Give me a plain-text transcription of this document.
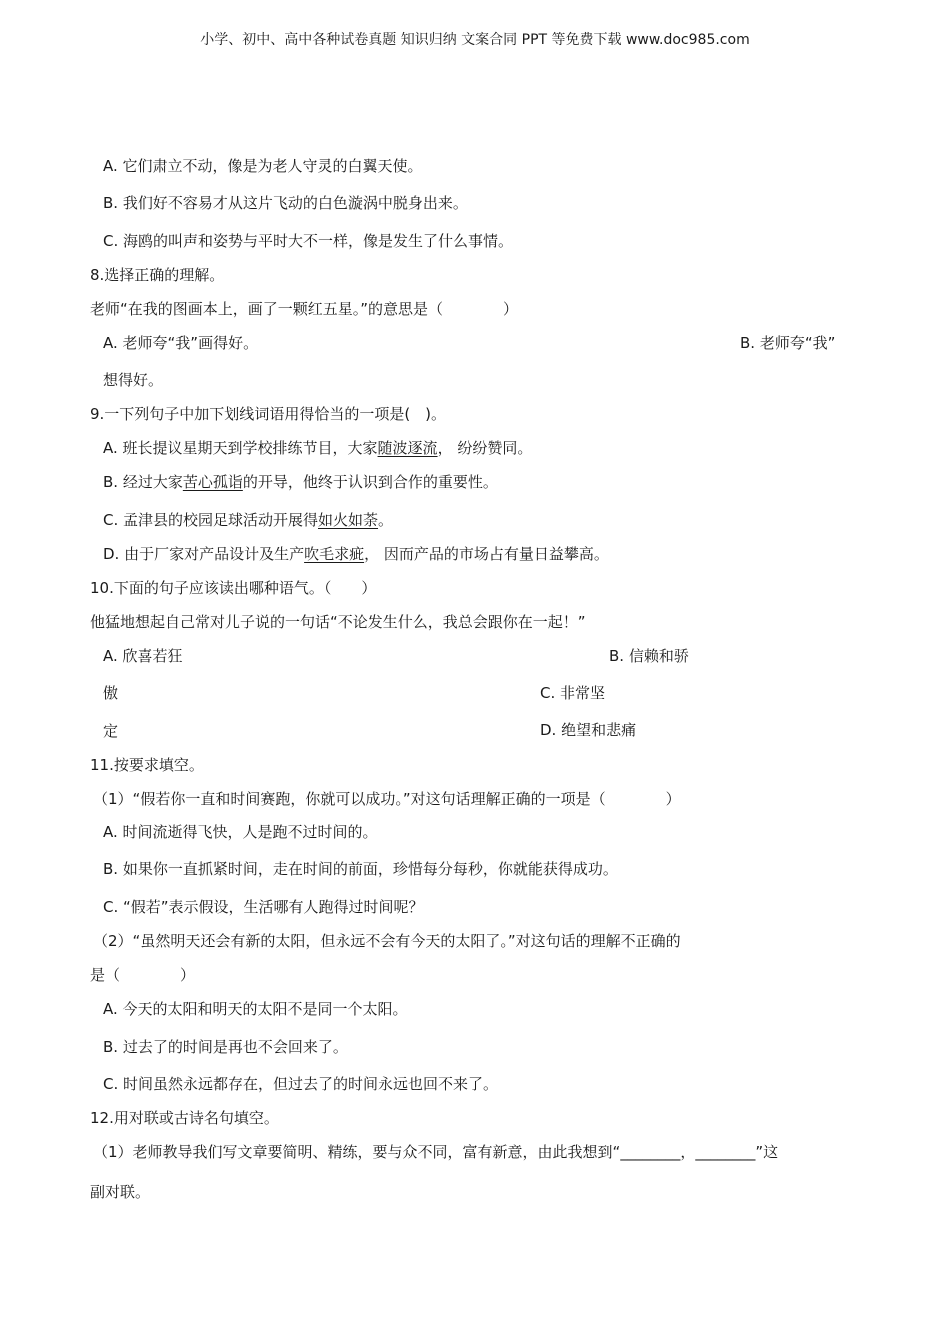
小学、初中、高中各种试卷真题 知识归纳 文案合同 PPT 等免费下载 www.doc985.com
A. 它们肃立不动，像是为老人守灵的白翼天使。
B. 我们好不容易才从这片飞动的白色漩涡中脱身出来。
C. 海鸥的叫声和姿势与平时大不一样，像是发生了什么事情。
8.选择正确的理解。
老师“在我的图画本上，画了一颗红五星。”的意思是（　　　　）
A. 老师夸“我”画得好。	B. 老师夸“我”
想得好。
9.一下列句子中加下划线词语用得恰当的一项是(　)。
A. 班长提议星期天到学校排练节目，大家随波逐流， 纷纷赞同。
B. 经过大家苦心孤诣的开导，他终于认识到合作的重要性。
C. 孟津县的校园足球活动开展得如火如荼。
D. 由于厂家对产品设计及生产吹毛求疵， 因而产品的市场占有量日益攀高。
10.下面的句子应该读出哪种语气。（　　）
他猛地想起自己常对儿子说的一句话“不论发生什么，我总会跟你在一起！”
A. 欣喜若狂	B. 信赖和骄
傲	C. 非常坚
定	D. 绝望和悲痛
11.按要求填空。
（1）“假若你一直和时间赛跑，你就可以成功。”对这句话理解正确的一项是（　　　　）
A. 时间流逝得飞快，人是跑不过时间的。
B. 如果你一直抓紧时间，走在时间的前面，珍惜每分每秒，你就能获得成功。
C. “假若”表示假设，生活哪有人跑得过时间呢？
（2）“虽然明天还会有新的太阳，但永远不会有今天的太阳了。”对这句话的理解不正确的
是（　　　　）
A. 今天的太阳和明天的太阳不是同一个太阳。
B. 过去了的时间是再也不会回来了。
C. 时间虽然永远都存在，但过去了的时间永远也回不来了。
12.用对联或古诗名句填空。
（1）老师教导我们写文章要简明、精练，要与众不同，富有新意，由此我想到“________，________”这
副对联。
